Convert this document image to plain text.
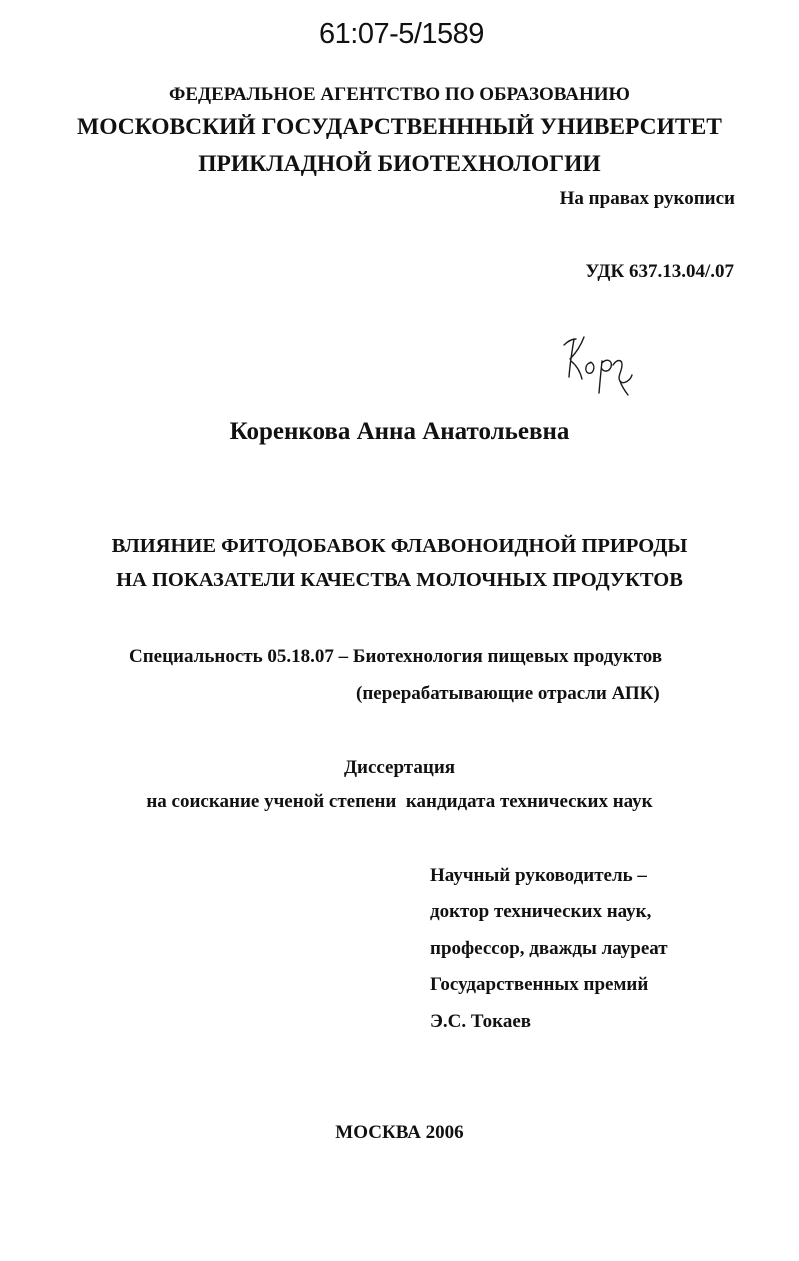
61:07-5/1589
ФЕДЕРАЛЬНОЕ АГЕНТСТВО ПО ОБРАЗОВАНИЮ
МОСКОВСКИЙ ГОСУДАРСТВЕНННЫЙ УНИВЕРСИТЕТ
ПРИКЛАДНОЙ БИОТЕХНОЛОГИИ
На правах рукописи
УДК 637.13.04/.07
Коренкова Анна Анатольевна
ВЛИЯНИЕ ФИТОДОБАВОК ФЛАВОНОИДНОЙ ПРИРОДЫ
НА ПОКАЗАТЕЛИ КАЧЕСТВА МОЛОЧНЫХ ПРОДУКТОВ
Специальность 05.18.07 – Биотехнология пищевых продуктов
(перерабатывающие отрасли АПК)
Диссертация
на соискание ученой степени  кандидата технических наук
Научный руководитель –
доктор технических наук,
профессор, дважды лауреат
Государственных премий
Э.С. Токаев
МОСКВА 2006
